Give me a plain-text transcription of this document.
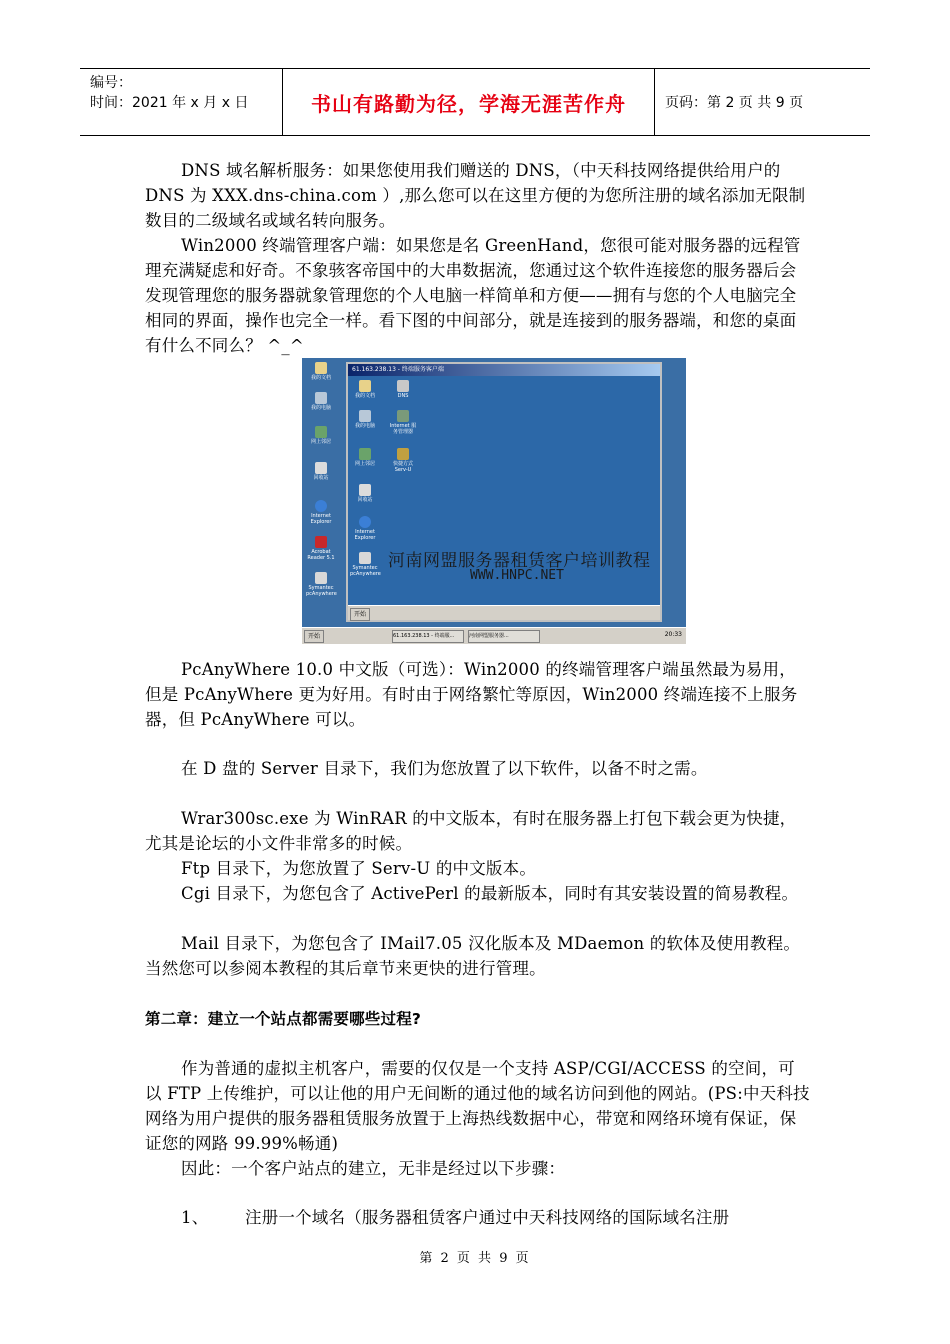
编号：
时间：2021 年 x 月 x 日	书山有路勤为径，学海无涯苦作舟	页码：第 2 页 共 9 页
DNS 域名解析服务：如果您使用我们赠送的 DNS，（中天科技网络提供给用户的 DNS 为 XXX.dns-china.com ）,那么您可以在这里方便的为您所注册的域名添加无限制数目的二级域名或域名转向服务。
Win2000 终端管理客户端：如果您是名 GreenHand，您很可能对服务器的远程管理充满疑虑和好奇。不象骇客帝国中的大串数据流，您通过这个软件连接您的服务器后会发现管理您的服务器就象管理您的个人电脑一样简单和方便——拥有与您的个人电脑完全相同的界面，操作也完全一样。看下图的中间部分，就是连接到的服务器端，和您的桌面有什么不同么？ ^_^
我的文档
我的电脑
网上邻居
回收站
Internet Explorer
Acrobat Reader 5.1
Symantec pcAnywhere
61.163.238.13 - 终端服务客户端
我的文档	DNS
我的电脑	Internet 服务管理器
网上邻居	快捷方式 Serv-U
回收站
Internet Explorer
Symantec pcAnywhere
开始
河南网盟服务器租赁客户培训教程
WWW.HNPC.NET
开始	61.163.238.13 - 终端服...	河南网盟服务器...	20:33
PcAnyWhere 10.0 中文版（可选）：Win2000 的终端管理客户端虽然最为易用，但是 PcAnyWhere 更为好用。有时由于网络繁忙等原因，Win2000 终端连接不上服务器，但 PcAnyWhere 可以。
在 D 盘的 Server 目录下，我们为您放置了以下软件，以备不时之需。
Wrar300sc.exe 为 WinRAR 的中文版本，有时在服务器上打包下载会更为快捷，尤其是论坛的小文件非常多的时候。
Ftp 目录下，为您放置了 Serv-U 的中文版本。
Cgi 目录下，为您包含了 ActivePerl 的最新版本，同时有其安装设置的简易教程。
Mail 目录下，为您包含了 IMail7.05 汉化版本及 MDaemon 的软体及使用教程。当然您可以参阅本教程的其后章节来更快的进行管理。
第二章：建立一个站点都需要哪些过程?
作为普通的虚拟主机客户，需要的仅仅是一个支持 ASP/CGI/ACCESS 的空间，可以 FTP 上传维护，可以让他的用户无间断的通过他的域名访问到他的网站。(PS:中天科技网络为用户提供的服务器租赁服务放置于上海热线数据中心，带宽和网络环境有保证，保证您的网路 99.99%畅通)
因此：一个客户站点的建立，无非是经过以下步骤：
1、 注册一个域名（服务器租赁客户通过中天科技网络的国际域名注册
第 2 页 共 9 页
